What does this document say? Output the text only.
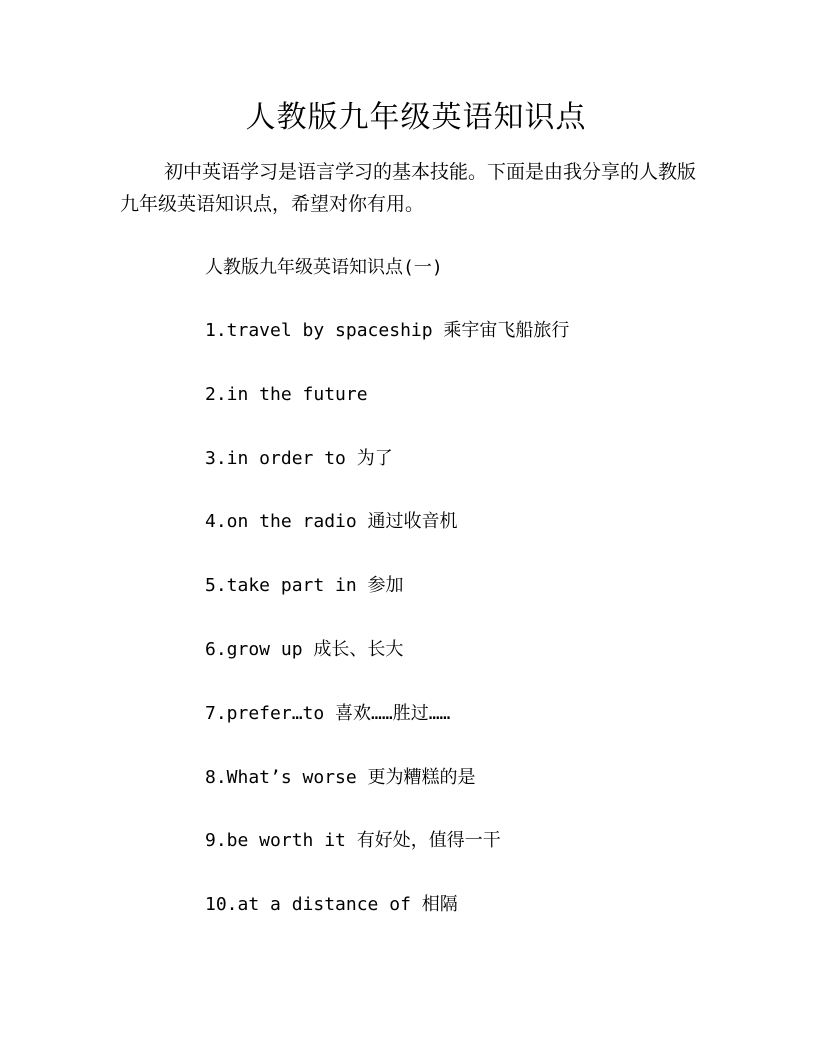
人教版九年级英语知识点

初中英语学习是语言学习的基本技能。下面是由我分享的人教版九年级英语知识点，希望对你有用。

人教版九年级英语知识点(一)
1.travel by spaceship 乘宇宙飞船旅行
2.in the future
3.in order to 为了
4.on the radio 通过收音机
5.take part in 参加
6.grow up 成长、长大
7.prefer…to 喜欢……胜过……
8.What’s worse 更为糟糕的是
9.be worth it 有好处，值得一干
10.at a distance of 相隔
